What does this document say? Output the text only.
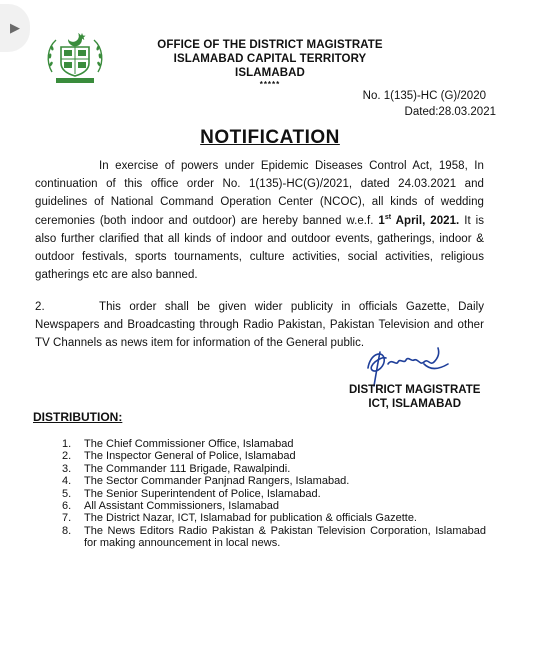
▶
OFFICE OF THE DISTRICT MAGISTRATE
ISLAMABAD CAPITAL TERRITORY
ISLAMABAD
*****
No. 1(135)-HC (G)/2020
Dated:28.03.2021
NOTIFICATION
In exercise of powers under Epidemic Diseases Control Act, 1958, In continuation of this office order No. 1(135)-HC(G)/2021, dated 24.03.2021 and guidelines of National Command Operation Center (NCOC), all kinds of wedding ceremonies (both indoor and outdoor) are hereby banned w.e.f. 1st April, 2021. It is also further clarified that all kinds of indoor and outdoor events, gatherings, indoor & outdoor festivals, sports tournaments, culture activities, social activities, religious gatherings etc are also banned.
2.	This order shall be given wider publicity in officials Gazette, Daily Newspapers and Broadcasting through Radio Pakistan, Pakistan Television and other TV Channels as news item for information of the General public.
DISTRICT MAGISTRATE
ICT, ISLAMABAD
DISTRIBUTION:
1.	The Chief Commissioner Office, Islamabad
2.	The Inspector General of Police, Islamabad
3.	The Commander 111 Brigade, Rawalpindi.
4.	The Sector Commander Panjnad Rangers, Islamabad.
5.	The Senior Superintendent of Police, Islamabad.
6.	All Assistant Commissioners, Islamabad
7.	The District Nazar, ICT, Islamabad for publication & officials Gazette.
8.	The News Editors Radio Pakistan & Pakistan Television Corporation, Islamabad for making announcement in local news.
